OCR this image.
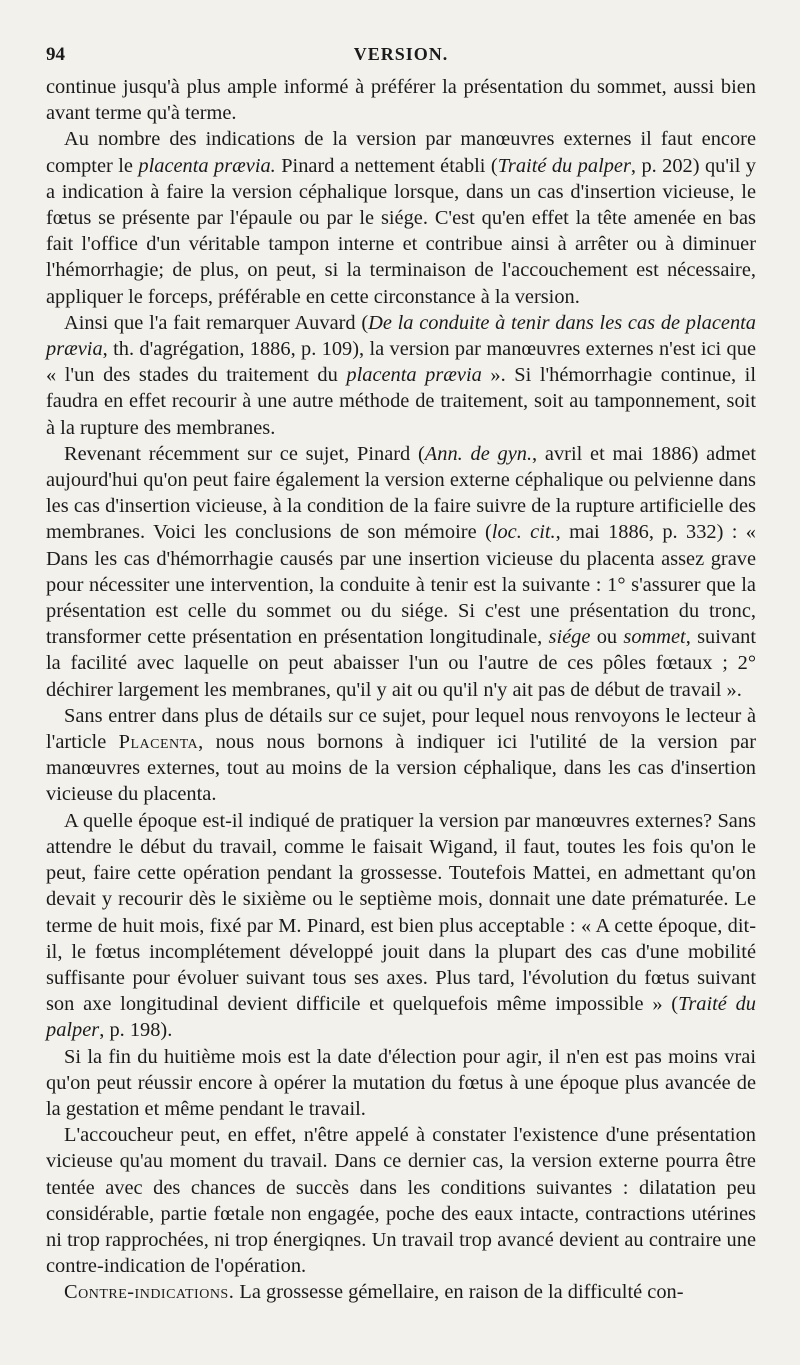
94	VERSION.

continue jusqu'à plus ample informé à préférer la présentation du sommet, aussi bien avant terme qu'à terme.

Au nombre des indications de la version par manœuvres externes il faut encore compter le placenta prævia. Pinard a nettement établi (Traité du palper, p. 202) qu'il y a indication à faire la version céphalique lorsque, dans un cas d'insertion vicieuse, le fœtus se présente par l'épaule ou par le siége. C'est qu'en effet la tête amenée en bas fait l'office d'un véritable tampon interne et contribue ainsi à arrêter ou à diminuer l'hémorrhagie; de plus, on peut, si la terminaison de l'accouchement est nécessaire, appliquer le forceps, préférable en cette circonstance à la version.

Ainsi que l'a fait remarquer Auvard (De la conduite à tenir dans les cas de placenta prævia, th. d'agrégation, 1886, p. 109), la version par manœuvres externes n'est ici que « l'un des stades du traitement du placenta prævia ». Si l'hémorrhagie continue, il faudra en effet recourir à une autre méthode de traitement, soit au tamponnement, soit à la rupture des membranes.

Revenant récemment sur ce sujet, Pinard (Ann. de gyn., avril et mai 1886) admet aujourd'hui qu'on peut faire également la version externe céphalique ou pelvienne dans les cas d'insertion vicieuse, à la condition de la faire suivre de la rupture artificielle des membranes. Voici les conclusions de son mémoire (loc. cit., mai 1886, p. 332) : « Dans les cas d'hémorrhagie causés par une insertion vicieuse du placenta assez grave pour nécessiter une intervention, la conduite à tenir est la suivante : 1° s'assurer que la présentation est celle du sommet ou du siége. Si c'est une présentation du tronc, transformer cette présentation en présentation longitudinale, siége ou sommet, suivant la facilité avec laquelle on peut abaisser l'un ou l'autre de ces pôles fœtaux ; 2° déchirer largement les membranes, qu'il y ait ou qu'il n'y ait pas de début de travail ».

Sans entrer dans plus de détails sur ce sujet, pour lequel nous renvoyons le lecteur à l'article Placenta, nous nous bornons à indiquer ici l'utilité de la version par manœuvres externes, tout au moins de la version céphalique, dans les cas d'insertion vicieuse du placenta.

A quelle époque est-il indiqué de pratiquer la version par manœuvres externes? Sans attendre le début du travail, comme le faisait Wigand, il faut, toutes les fois qu'on le peut, faire cette opération pendant la grossesse. Toutefois Mattei, en admettant qu'on devait y recourir dès le sixième ou le septième mois, donnait une date prématurée. Le terme de huit mois, fixé par M. Pinard, est bien plus acceptable : « A cette époque, dit-il, le fœtus incomplétement développé jouit dans la plupart des cas d'une mobilité suffisante pour évoluer suivant tous ses axes. Plus tard, l'évolution du fœtus suivant son axe longitudinal devient difficile et quelquefois même impossible » (Traité du palper, p. 198).

Si la fin du huitième mois est la date d'élection pour agir, il n'en est pas moins vrai qu'on peut réussir encore à opérer la mutation du fœtus à une époque plus avancée de la gestation et même pendant le travail.

L'accoucheur peut, en effet, n'être appelé à constater l'existence d'une présentation vicieuse qu'au moment du travail. Dans ce dernier cas, la version externe pourra être tentée avec des chances de succès dans les conditions suivantes : dilatation peu considérable, partie fœtale non engagée, poche des eaux intacte, contractions utérines ni trop rapprochées, ni trop énergiqnes. Un travail trop avancé devient au contraire une contre-indication de l'opération.

Contre-indications. La grossesse gémellaire, en raison de la difficulté con-
